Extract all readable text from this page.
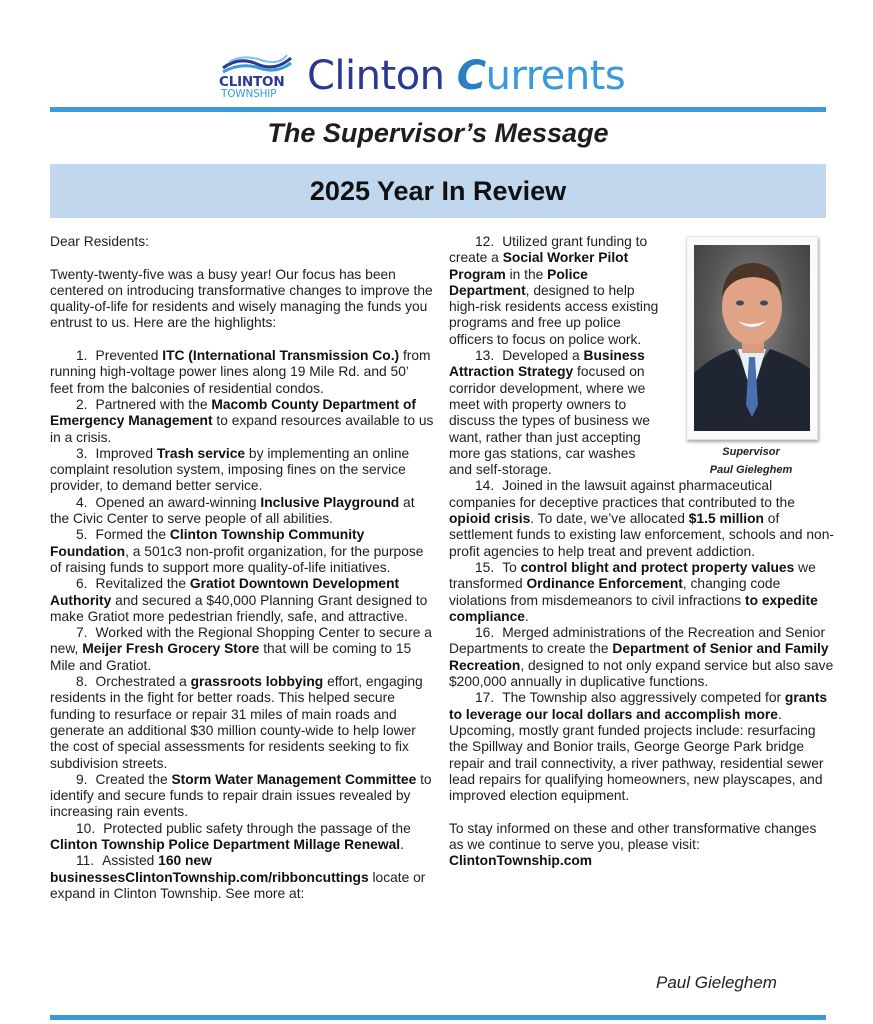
CLINTON
TOWNSHIP Clinton Currents
The Supervisor’s Message
2025 Year In Review

Dear Residents:

Twenty-twenty-five was a busy year! Our focus has been centered on introducing transformative changes to improve the quality-of-life for residents and wisely managing the funds you entrust to us. Here are the highlights:

1. Prevented ITC (International Transmission Co.) from running high-voltage power lines along 19 Mile Rd. and 50’ feet from the balconies of residential condos.

2. Partnered with the Macomb County Department of Emergency Management to expand resources available to us in a crisis.

3. Improved Trash service by implementing an online complaint resolution system, imposing fines on the service provider, to demand better service.

4. Opened an award-winning Inclusive Playground at the Civic Center to serve people of all abilities.

5. Formed the Clinton Township Community Foundation, a 501c3 non-profit organization, for the purpose of raising funds to support more quality-of-life initiatives.

6. Revitalized the Gratiot Downtown Development Authority and secured a $40,000 Planning Grant designed to make Gratiot more pedestrian friendly, safe, and attractive.

7. Worked with the Regional Shopping Center to secure a new, Meijer Fresh Grocery Store that will be coming to 15 Mile and Gratiot.

8. Orchestrated a grassroots lobbying effort, engaging residents in the fight for better roads. This helped secure funding to resurface or repair 31 miles of main roads and generate an additional $30 million county-wide to help lower the cost of special assessments for residents seeking to fix subdivision streets.

9. Created the Storm Water Management Committee to identify and secure funds to repair drain issues revealed by increasing rain events.

10. Protected public safety through the passage of the Clinton Township Police Department Millage Renewal.

11. Assisted 160 new businessesClintonTownship.com/ribboncuttings locate or expand in Clinton Township. See more at:

12. Utilized grant funding to create a Social Worker Pilot Program in the Police Department, designed to help high-risk residents access existing programs and free up police officers to focus on police work.

13. Developed a Business Attraction Strategy focused on corridor development, where we meet with property owners to discuss the types of business we want, rather than just accepting more gas stations, car washes and self-storage.

14. Joined in the lawsuit against pharmaceutical companies for deceptive practices that contributed to the opioid crisis. To date, we’ve allocated $1.5 million of settlement funds to existing law enforcement, schools and non-profit agencies to help treat and prevent addiction.

15. To control blight and protect property values we transformed Ordinance Enforcement, changing code violations from misdemeanors to civil infractions to expedite compliance.

16. Merged administrations of the Recreation and Senior Departments to create the Department of Senior and Family Recreation, designed to not only expand service but also save $200,000 annually in duplicative functions.

17. The Township also aggressively competed for grants to leverage our local dollars and accomplish more. Upcoming, mostly grant funded projects include: resurfacing the Spillway and Bonior trails, George George Park bridge repair and trail connectivity, a river pathway, residential sewer lead repairs for qualifying homeowners, new playscapes, and improved election equipment.

To stay informed on these and other transformative changes as we continue to serve you, please visit: ClintonTownship.com

Supervisor
Paul Gieleghem
Paul Gieleghem
